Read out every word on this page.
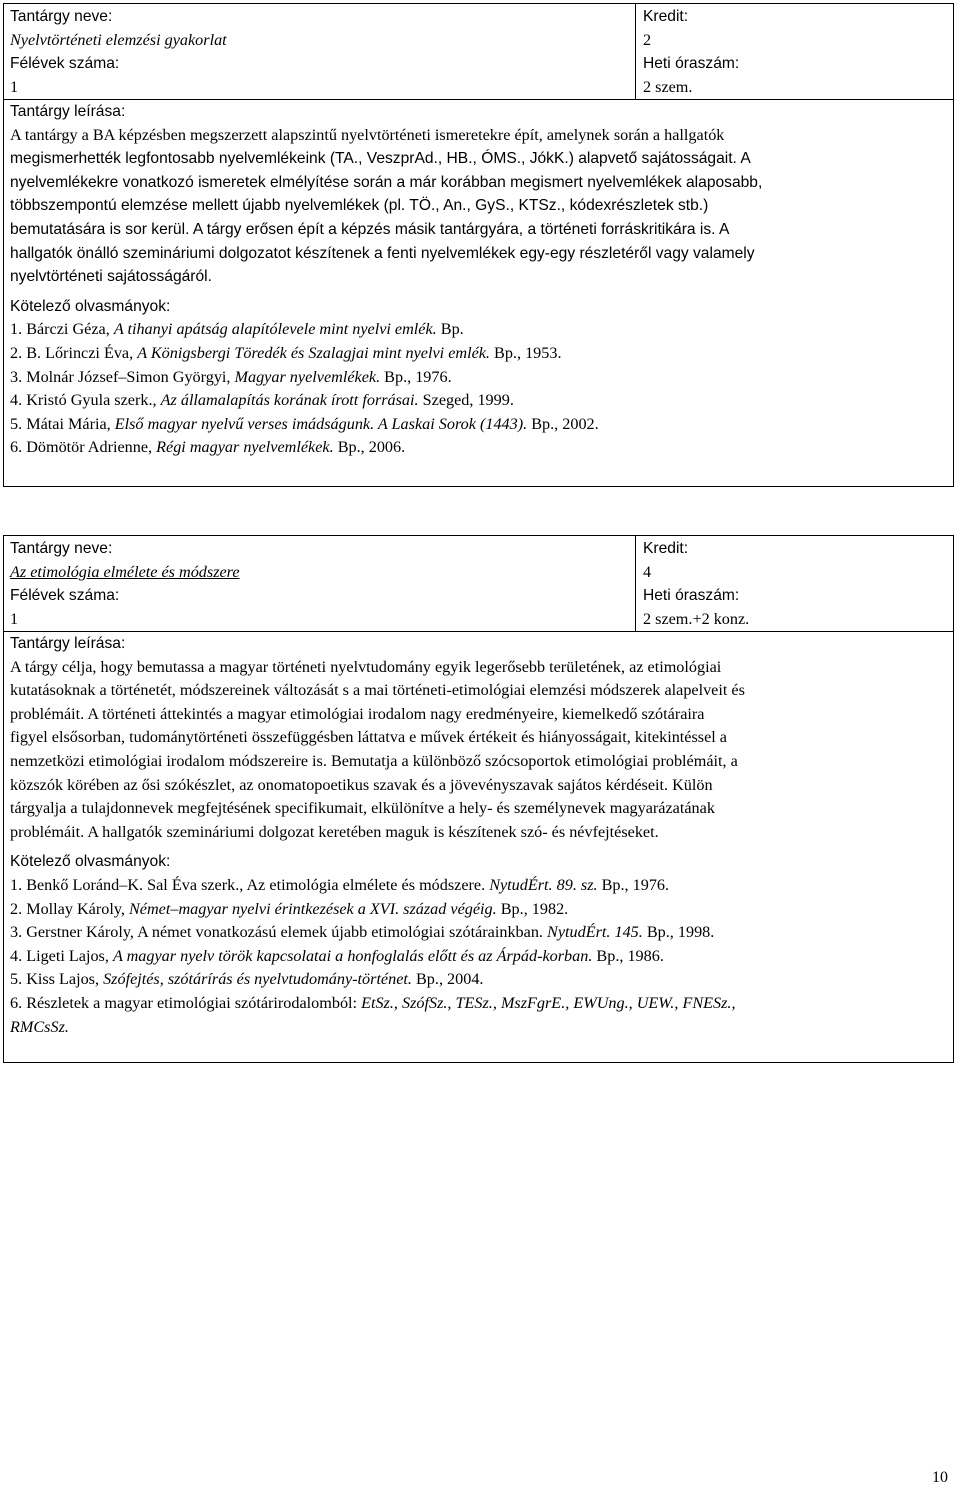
Tantárgy neve:
Nyelvtörténeti elemzési gyakorlat
Félévek száma:
1
Kredit:
2
Heti óraszám:
2 szem.
Tantárgy leírása:
A tantárgy a BA képzésben megszerzett alapszintű nyelvtörténeti ismeretekre épít, amelynek során a hallgatók
megismerhették legfontosabb nyelvemlékeink (TA., VeszprAd., HB., ÓMS., JókK.) alapvető sajátosságait. A
nyelvemlékekre vonatkozó ismeretek elmélyítése során a már korábban megismert nyelvemlékek alaposabb,
többszempontú elemzése mellett újabb nyelvemlékek (pl. TÖ., An., GyS., KTSz., kódexrészletek stb.)
bemutatására is sor kerül. A tárgy erősen épít a képzés másik tantárgyára, a történeti forráskritikára is. A
hallgatók önálló szemináriumi dolgozatot készítenek a fenti nyelvemlékek egy-egy részletéről vagy valamely
nyelvtörténeti sajátosságáról.
Kötelező olvasmányok:
1. Bárczi Géza, A tihanyi apátság alapítólevele mint nyelvi emlék. Bp.
2. B. Lőrinczi Éva, A Königsbergi Töredék és Szalagjai mint nyelvi emlék. Bp., 1953.
3. Molnár József–Simon Györgyi, Magyar nyelvemlékek. Bp., 1976.
4. Kristó Gyula szerk., Az államalapítás korának írott forrásai. Szeged, 1999.
5. Mátai Mária, Első magyar nyelvű verses imádságunk. A Laskai Sorok (1443). Bp., 2002.
6. Dömötör Adrienne, Régi magyar nyelvemlékek. Bp., 2006.
Tantárgy neve:
Az etimológia elmélete és módszere
Félévek száma:
1
Kredit:
4
Heti óraszám:
2 szem.+2 konz.
Tantárgy leírása:
A tárgy célja, hogy bemutassa a magyar történeti nyelvtudomány egyik legerősebb területének, az etimológiai
kutatásoknak a történetét, módszereinek változását s a mai történeti-etimológiai elemzési módszerek alapelveit és
problémáit. A történeti áttekintés a magyar etimológiai irodalom nagy eredményeire, kiemelkedő szótáraira
figyel elsősorban, tudománytörténeti összefüggésben láttatva e művek értékeit és hiányosságait, kitekintéssel a
nemzetközi etimológiai irodalom módszereire is. Bemutatja a különböző szócsoportok etimológiai problémáit, a
közszók körében az ősi szókészlet, az onomatopoetikus szavak és a jövevényszavak sajátos kérdéseit. Külön
tárgyalja a tulajdonnevek megfejtésének specifikumait, elkülönítve a hely- és személynevek magyarázatának
problémáit. A hallgatók szemináriumi dolgozat keretében maguk is készítenek szó- és névfejtéseket.
Kötelező olvasmányok:
1. Benkő Loránd–K. Sal Éva szerk., Az etimológia elmélete és módszere. NytudÉrt. 89. sz. Bp., 1976.
2. Mollay Károly, Német–magyar nyelvi érintkezések a XVI. század végéig. Bp., 1982.
3. Gerstner Károly, A német vonatkozású elemek újabb etimológiai szótárainkban. NytudÉrt. 145. Bp., 1998.
4. Ligeti Lajos, A magyar nyelv török kapcsolatai a honfoglalás előtt és az Árpád-korban. Bp., 1986.
5. Kiss Lajos, Szófejtés, szótárírás és nyelvtudomány-történet. Bp., 2004.
6. Részletek a magyar etimológiai szótárirodalomból: EtSz., SzófSz., TESz., MszFgrE., EWUng., UEW., FNESz.,
RMCsSz.
10
